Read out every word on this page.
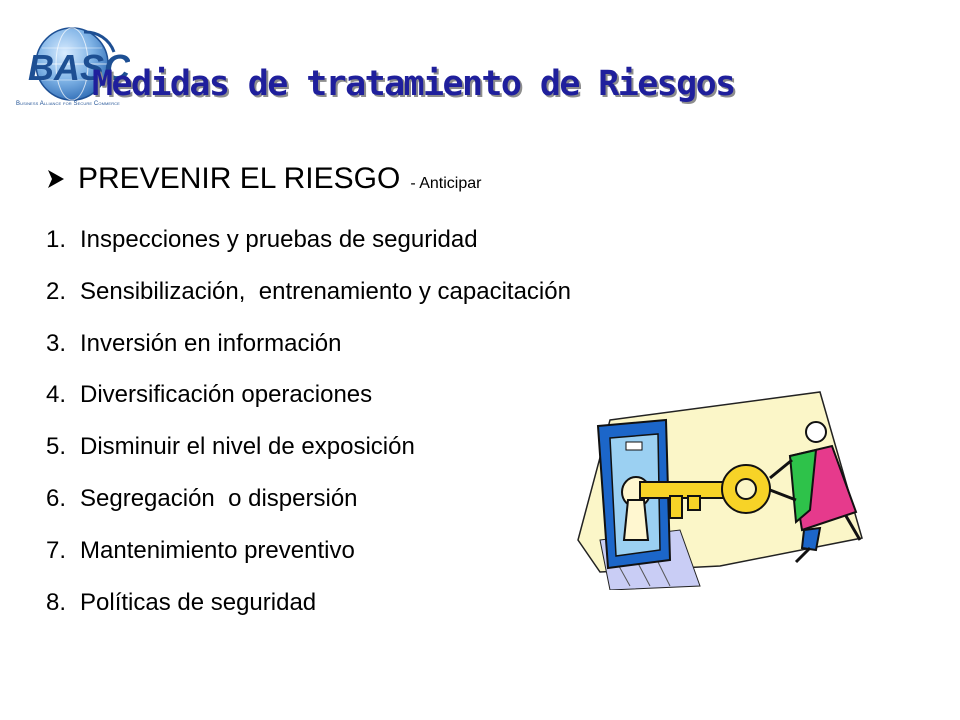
BASC
Business Alliance for Secure Commerce
Medidas de tratamiento de Riesgos
PREVENIR EL RIESGO - Anticipar
1. Inspecciones y pruebas de seguridad
2. Sensibilización,  entrenamiento y capacitación
3. Inversión en información
4. Diversificación operaciones
5. Disminuir el nivel de exposición
6. Segregación  o dispersión
7. Mantenimiento preventivo
8. Políticas de seguridad
